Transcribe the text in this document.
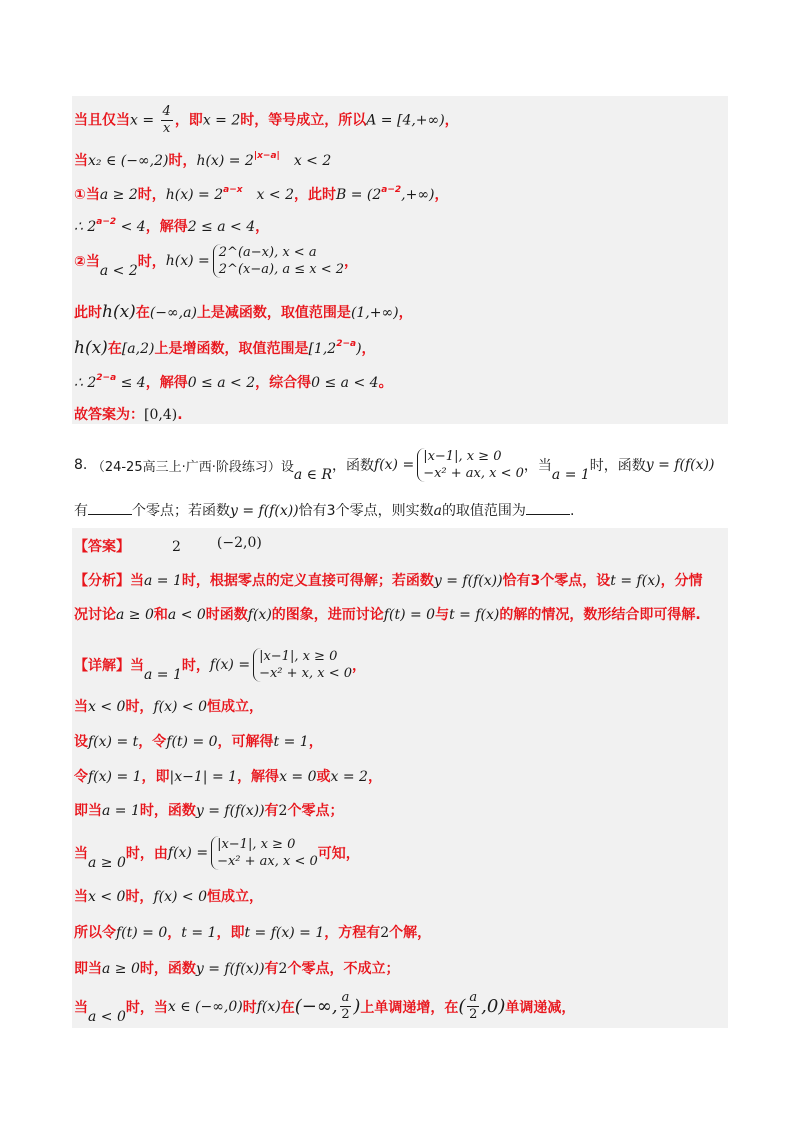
当且仅当$x = \frac{4}{x}$ ，即x = 2时，等号成立，所以A = [4,+∞)，
当x₂ ∈ (−∞,2)时，$h(x) = 2^{|x-a|}$ x < 2
①当a ≥ 2时，$h(x) = 2^{a-x}$ x < 2，此时$B = (2^{a-2},+\infty)$，
∴ $2^{a-2} < 4$，解得2 ≤ a < 4，
②当a < 2时，h(x) =
2^(a−x), x < a
2^(x−a), a ≤ x < 2 ，
此时h(x)在(−∞,a)上是减函数，取值范围是(1,+∞)，
h(x)在[a,2)上是增函数，取值范围是$[1,2^{2-a})$，
∴ $2^{2-a} \le 4$，解得0 ≤ a < 2，综合得0 ≤ a < 4。
故答案为：[0,4).
8. （24-25高三上·广西·阶段练习）设a ∈ R，函数f(x) =
|x−1|, x ≥ 0
−x² + ax, x < 0 ，当a = 1时，函数y = f(f(x))
有	个零点；若函数y = f(f(x))恰有3个零点，则实数a的取值范围为	.
【答案】	2	(−2,0)
【分析】当a = 1时，根据零点的定义直接可得解；若函数y = f(f(x))恰有3个零点，设t = f(x)，分情
况讨论a ≥ 0和a < 0时函数f(x)的图象，进而讨论f(t) = 0与t = f(x)的解的情况，数形结合即可得解.
【详解】当a = 1时，f(x) =
|x−1|, x ≥ 0
−x² + x, x < 0 ，
当x < 0时，f(x) < 0恒成立，
设f(x) = t，令f(t) = 0，可解得t = 1，
令f(x) = 1，即|x−1| = 1，解得x = 0或x = 2，
即当a = 1时，函数y = f(f(x))有2个零点；
当a ≥ 0时，由f(x) =
|x−1|, x ≥ 0
−x² + ax, x < 0 可知，
当x < 0时，f(x) < 0恒成立，
所以令f(t) = 0，t = 1，即t = f(x) = 1，方程有2个解，
即当a ≥ 0时，函数y = f(f(x))有2个零点，不成立；
当a < 0时，当x ∈ (−∞,0)时f(x)在(−∞, $\frac{a}{2}$ )上单调递增，在( $\frac{a}{2} ,0$)单调递减，
